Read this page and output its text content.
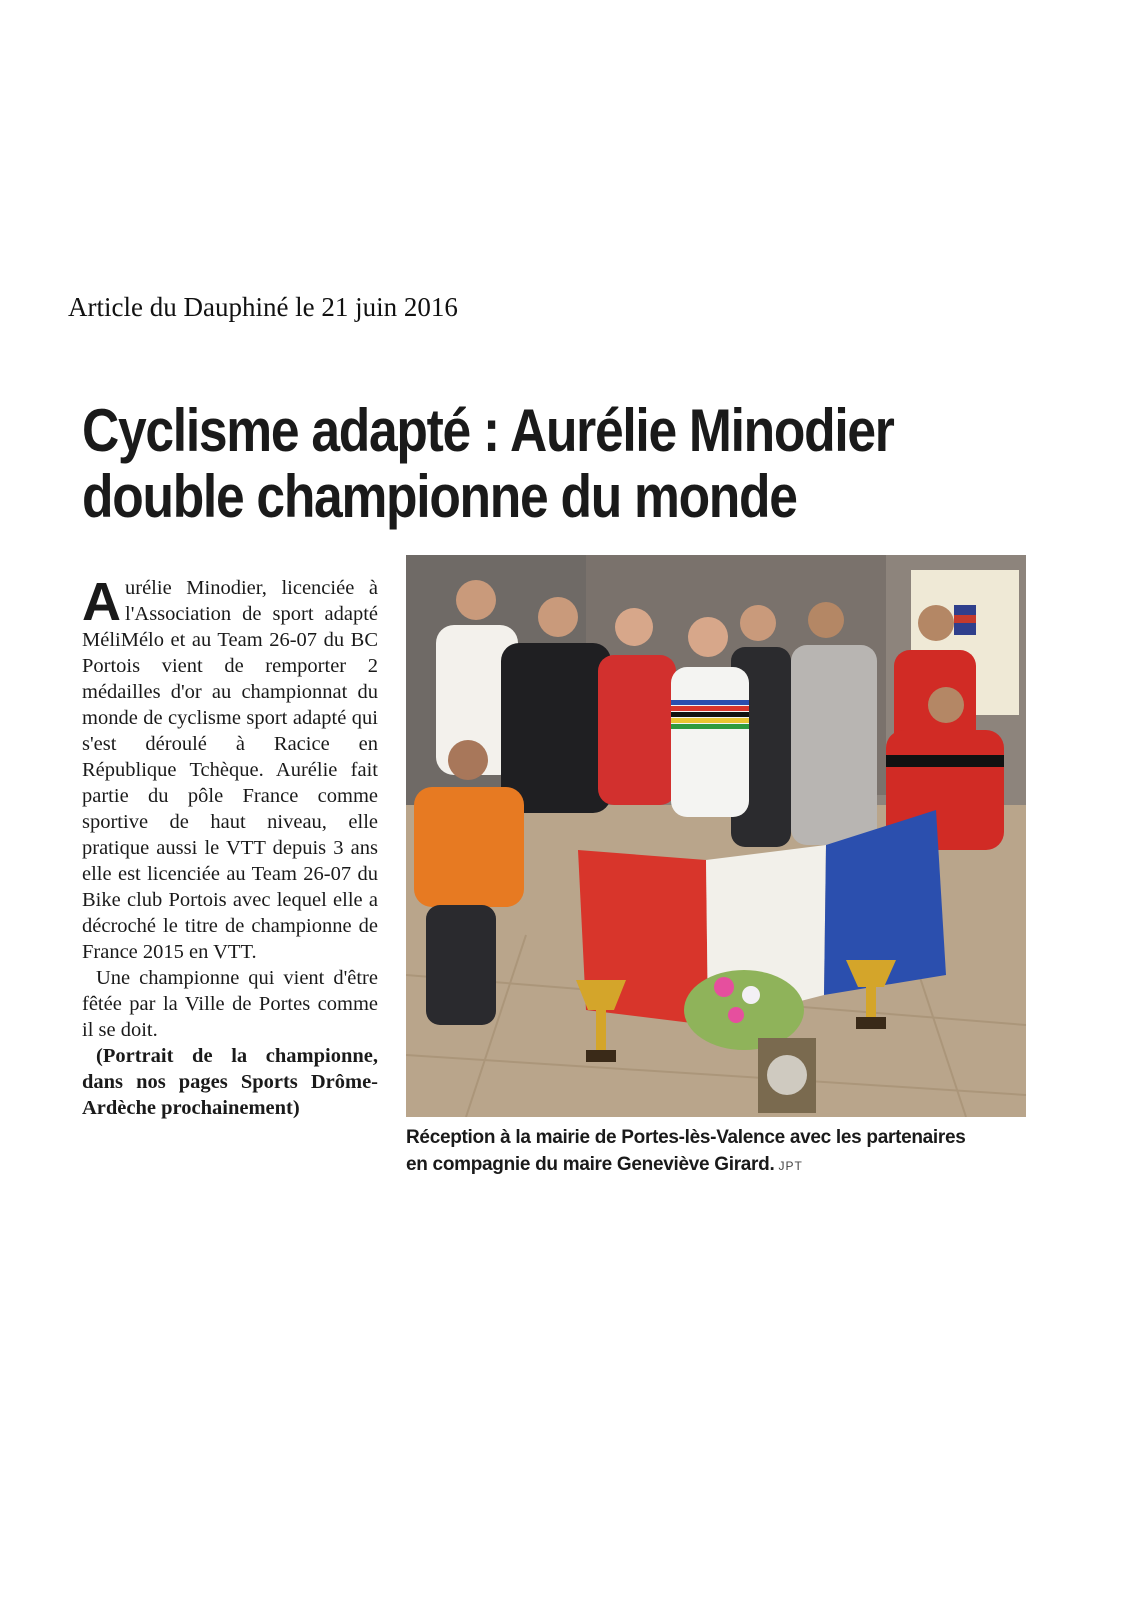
Article du Dauphiné le 21 juin 2016
Cyclisme adapté : Aurélie Minodier
double championne du monde

Aurélie Minodier, licenciée à l'Association de sport adapté MéliMélo et au Team 26-07 du BC Portois vient de remporter 2 médailles d'or au championnat du monde de cyclisme sport adapté qui s'est déroulé à Racice en République Tchèque. Aurélie fait partie du pôle France comme sportive de haut niveau, elle pratique aussi le VTT depuis 3 ans elle est licenciée au Team 26-07 du Bike club Portois avec lequel elle a décroché le titre de championne de France 2015 en VTT.

Une championne qui vient d'être fêtée par la Ville de Portes comme il se doit.

(Portrait de la championne, dans nos pages Sports Drôme-Ardèche prochainement)

Réception à la mairie de Portes-lès-Valence avec les partenaires
en compagnie du maire Geneviève Girard. JPT
